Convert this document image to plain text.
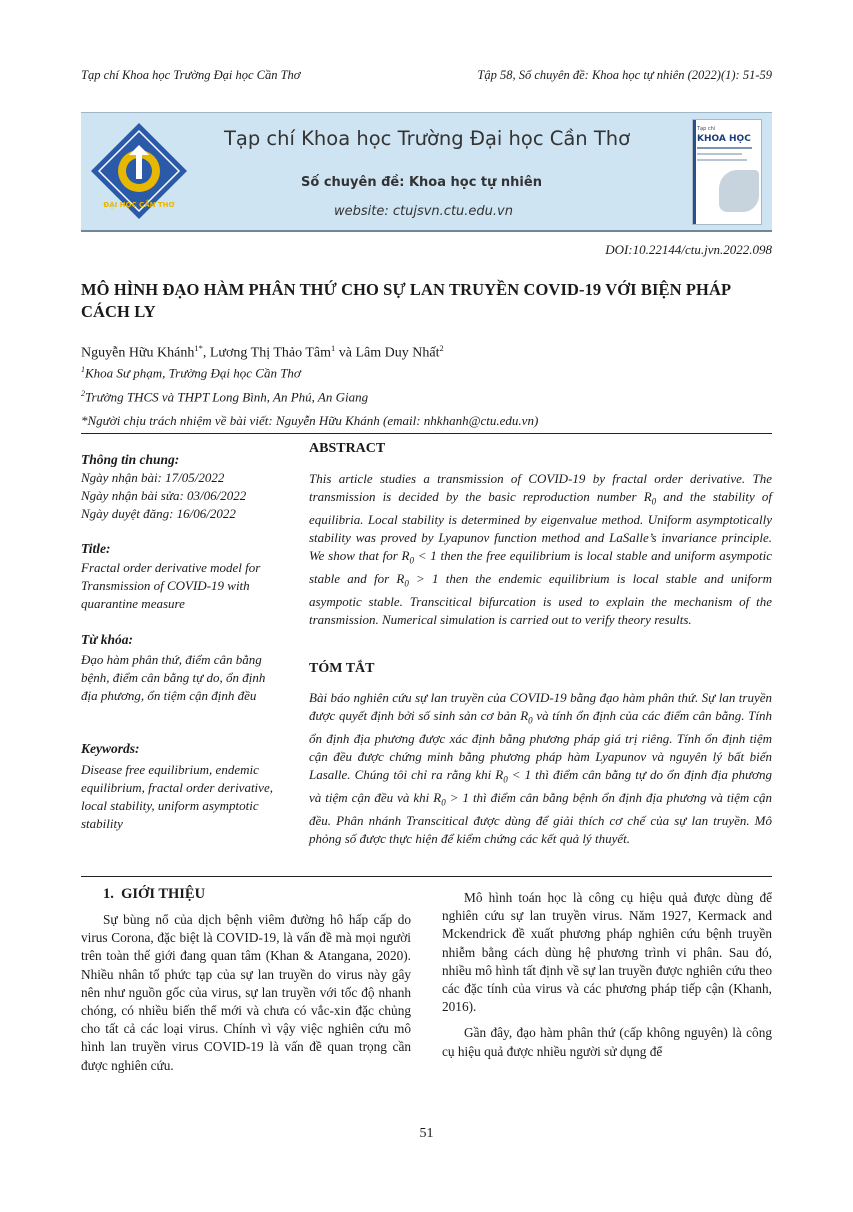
Tạp chí Khoa học Trường Đại học Cần Thơ	Tập 58, Số chuyên đề: Khoa học tự nhiên (2022)(1): 51-59
ĐẠI HỌC CẦN THƠ
Tạp chí Khoa học Trường Đại học Cần Thơ
Số chuyên đề: Khoa học tự nhiên
website: ctujsvn.ctu.edu.vn
Tạp chí
KHOA HỌC
DOI:10.22144/ctu.jvn.2022.098
MÔ HÌNH ĐẠO HÀM PHÂN THỨ CHO SỰ LAN TRUYỀN COVID-19 VỚI BIỆN PHÁP CÁCH LY
Nguyễn Hữu Khánh$^{1*}$, Lương Thị Thảo Tâm$^1$ và Lâm Duy Nhất$^2$
$^1$Khoa Sư phạm, Trường Đại học Cần Thơ
$^2$Trường THCS và THPT Long Bình, An Phú, An Giang
*Người chịu trách nhiệm về bài viết: Nguyễn Hữu Khánh (email: nhkhanh@ctu.edu.vn)
Thông tin chung:
Ngày nhận bài: 17/05/2022
Ngày nhận bài sửa: 03/06/2022
Ngày duyệt đăng: 16/06/2022
Title:
Fractal order derivative model for Transmission of COVID-19 with quarantine measure
Từ khóa:
Đạo hàm phân thứ, điểm cân bằng bệnh, điểm cân bằng tự do, ổn định địa phương, ổn tiệm cận định đều
Keywords:
Disease free equilibrium, endemic equilibrium, fractal order derivative, local stability, uniform asymptotic stability
ABSTRACT
This article studies a transmission of COVID-19 by fractal order derivative. The transmission is decided by the basic reproduction number $R_0$ and the stability of equilibria. Local stability is determined by eigenvalue method. Uniform asymptotically stability was proved by Lyapunov function method and LaSalle’s invariance principle. We show that for $R_0 < 1$ then the free equilibrium is local stable and uniform asympotic stable and for $R_0 > 1$ then the endemic equilibrium is local stable and uniform asympotic stable. Transcitical bifurcation is used to explain the mechanism of the transmission. Numerical simulation is carried out to verify theory results.
TÓM TẮT
Bài báo nghiên cứu sự lan truyền của COVID-19 bằng đạo hàm phân thứ. Sự lan truyền được quyết định bởi số sinh sản cơ bản $R_0$ và tính ổn định của các điểm cân bằng. Tính ổn định địa phương được xác định bằng phương pháp giá trị riêng. Tính ổn định tiệm cận đều được chứng minh bằng phương pháp hàm Lyapunov và nguyên lý bất biến Lasalle. Chúng tôi chỉ ra rằng khi $R_0 < 1$ thì điểm cân bằng tự do ổn định địa phương và tiệm cận đều và khi $R_0 > 1$ thì điểm cân bằng bệnh ổn định địa phương và tiệm cận đều. Phân nhánh Transcitical được dùng để giải thích cơ chế của sự lan truyền. Mô phỏng số được thực hiện để kiểm chứng các kết quả lý thuyết.
1. GIỚI THIỆU

Sự bùng nổ của dịch bệnh viêm đường hô hấp cấp do virus Corona, đặc biệt là COVID-19, là vấn đề mà mọi người trên toàn thế giới đang quan tâm (Khan & Atangana, 2020). Nhiều nhân tố phức tạp của sự lan truyền do virus này gây nên như nguồn gốc của virus, sự lan truyền với tốc độ nhanh chóng, có nhiều biến thể mới và chưa có vắc-xin đặc chủng cho tất cả các loại virus. Chính vì vậy việc nghiên cứu mô hình lan truyền virus COVID-19 là vấn đề quan trọng cần được nghiên cứu.

Mô hình toán học là công cụ hiệu quả được dùng để nghiên cứu sự lan truyền virus. Năm 1927, Kermack and Mckendrick đề xuất phương pháp nghiên cứu bệnh truyền nhiễm bằng cách dùng hệ phương trình vi phân. Sau đó, nhiều mô hình tất định về sự lan truyền được nghiên cứu theo các đặc tính của virus và các phương pháp tiếp cận (Khanh, 2016).

Gần đây, đạo hàm phân thứ (cấp không nguyên) là công cụ hiệu quả được nhiều người sử dụng để

51
